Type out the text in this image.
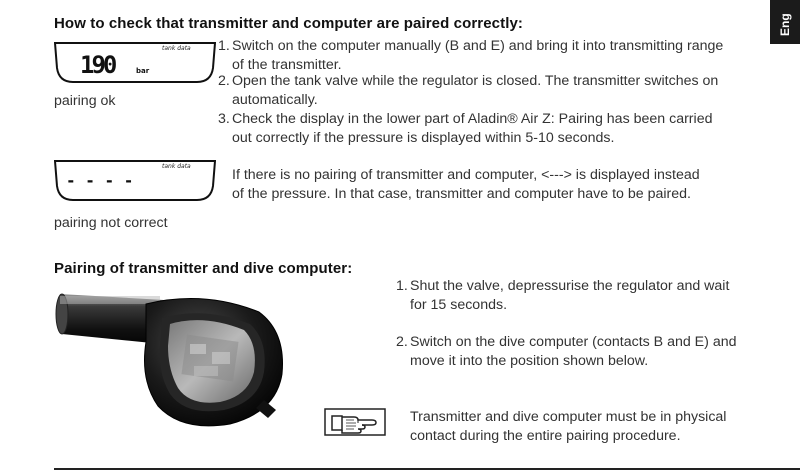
Eng
How to check that transmitter and computer are paired correctly:
tank data
190	bar
pairing ok
1. Switch on the computer manually (B and E) and bring it into transmitting range
of the transmitter.
2. Open the tank valve while the regulator is closed. The transmitter switches on
automatically.
3. Check the display in the lower part of Aladin® Air Z: Pairing has been carried
out correctly if the pressure is displayed within 5-10 seconds.
tank data
- - - -
pairing not correct
If there is no pairing of transmitter and computer, <---> is displayed instead
of the pressure. In that case, transmitter and computer have to be paired.
Pairing of transmitter and dive computer:
1. Shut the valve, depressurise the regulator and wait
for 15 seconds.
2. Switch on the dive computer (contacts B and E) and
move it into the position shown below.
Transmitter and dive computer must be in physical
contact during the entire pairing procedure.
